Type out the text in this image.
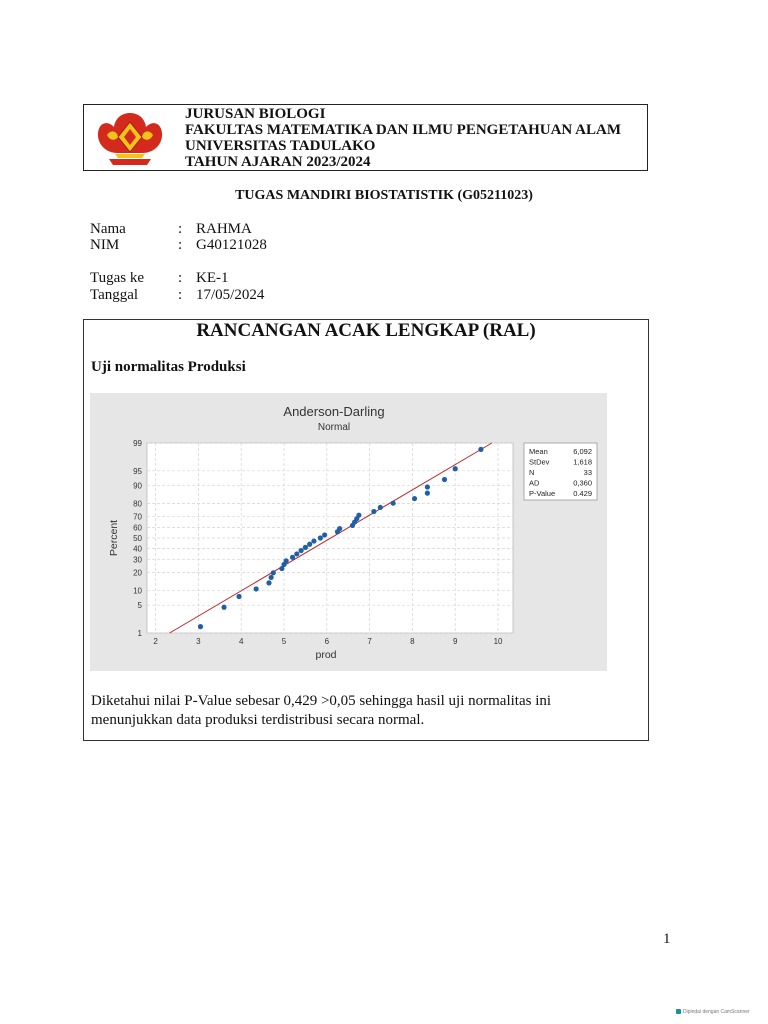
JURUSAN BIOLOGI
FAKULTAS MATEMATIKA DAN ILMU PENGETAHUAN ALAM
UNIVERSITAS TADULAKO
TAHUN AJARAN 2023/2024
TUGAS MANDIRI BIOSTATISTIK (G05211023)
Nama	: RAHMA
NIM	: G40121028
Tugas ke : KE-1
Tanggal	: 17/05/2024
RANCANGAN ACAK LENGKAP (RAL)
Uji normalitas Produksi
2	3	4	5	6	7	8	9	10
1
5
10
20
30
40
50
60
70
80
90
95
99
Anderson-Darling
Normal
prod
Percent
Mean	6,092
StDev	1,618
N	33
AD	0,360
P-Value 0.429
Diketahui nilai P-Value sebesar 0,429 >0,05 sehingga hasil uji normalitas ini menunjukkan data produksi terdistribusi secara normal.
1
Dipindai dengan CamScanner
